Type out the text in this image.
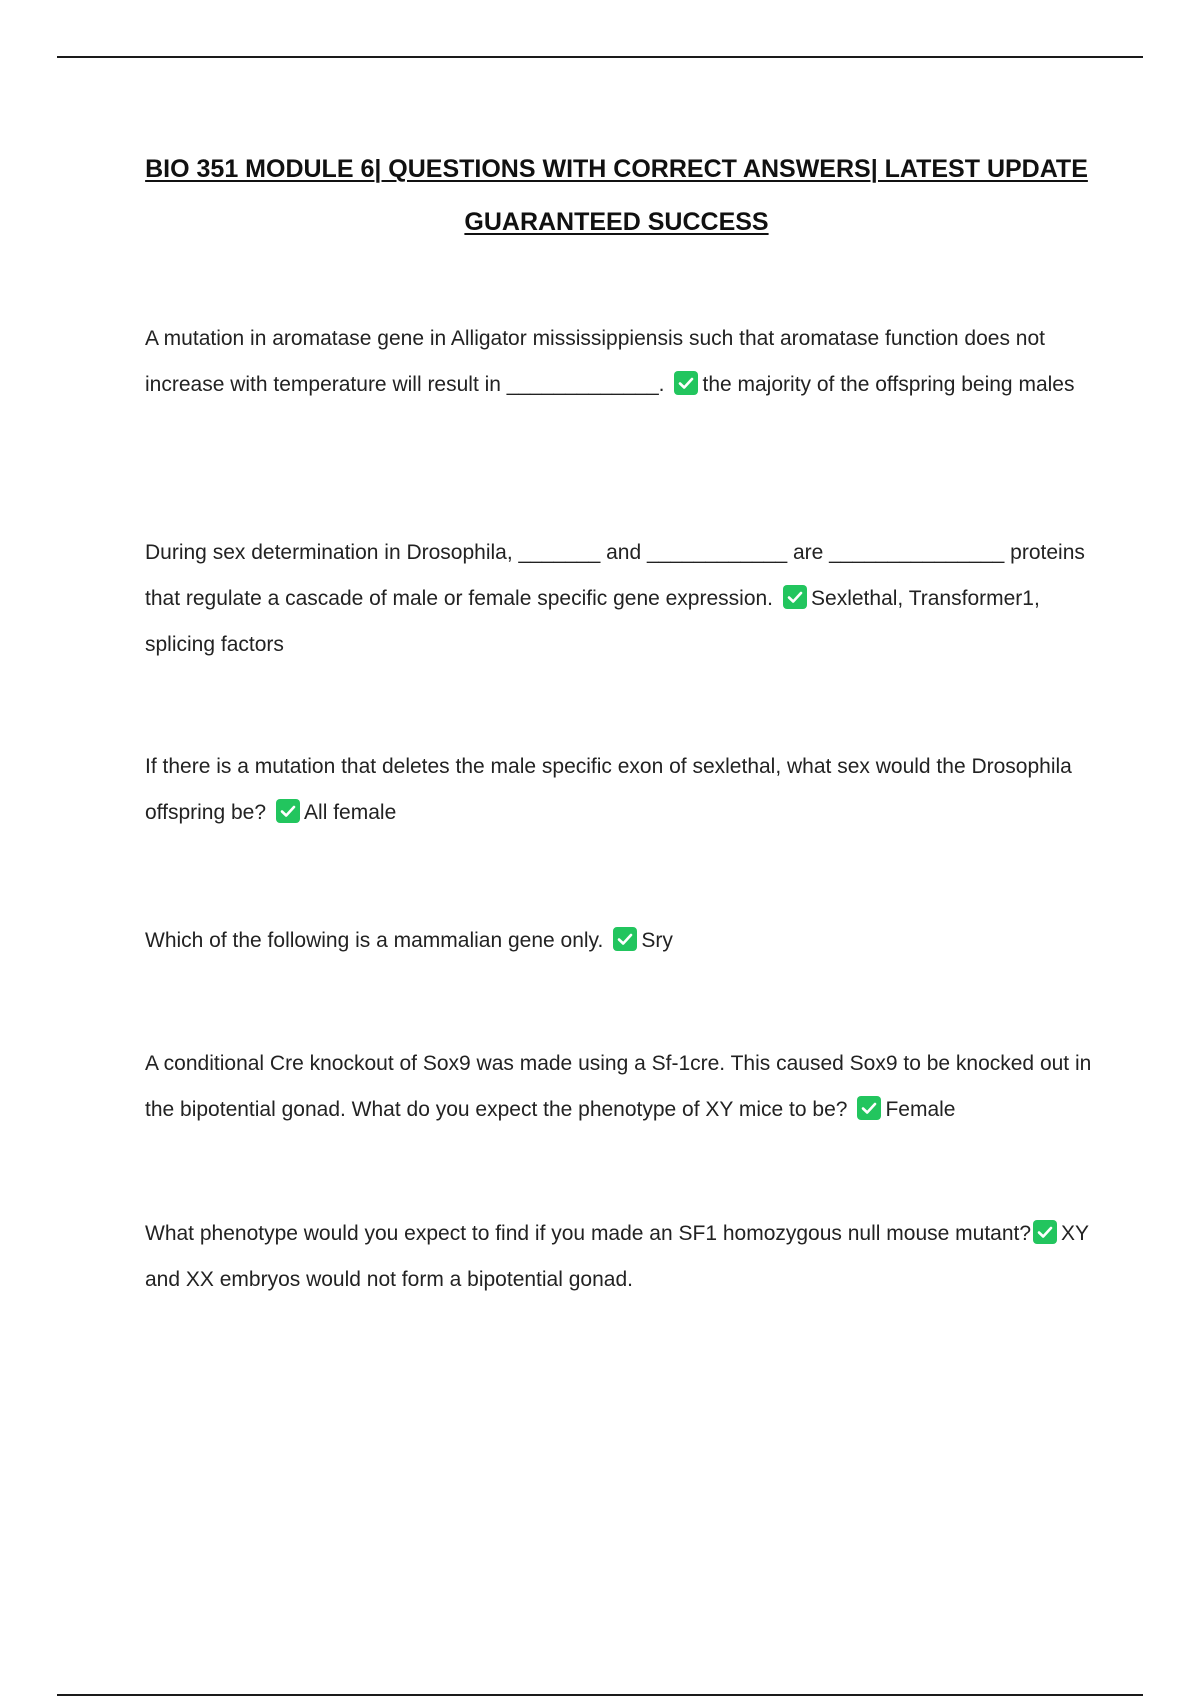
BIO 351 MODULE 6| QUESTIONS WITH CORRECT ANSWERS| LATEST UPDATE
GUARANTEED SUCCESS
A mutation in aromatase gene in Alligator mississippiensis such that aromatase function does not increase with temperature will result in _____________. the majority of the offspring being males
During sex determination in Drosophila, _______ and ____________ are _______________ proteins that regulate a cascade of male or female specific gene expression. Sexlethal, Transformer1, splicing factors
If there is a mutation that deletes the male specific exon of sexlethal, what sex would the Drosophila offspring be? All female
Which of the following is a mammalian gene only. Sry
A conditional Cre knockout of Sox9 was made using a Sf-1cre. This caused Sox9 to be knocked out in the bipotential gonad. What do you expect the phenotype of XY mice to be? Female
What phenotype would you expect to find if you made an SF1 homozygous null mouse mutant? XY and XX embryos would not form a bipotential gonad.
